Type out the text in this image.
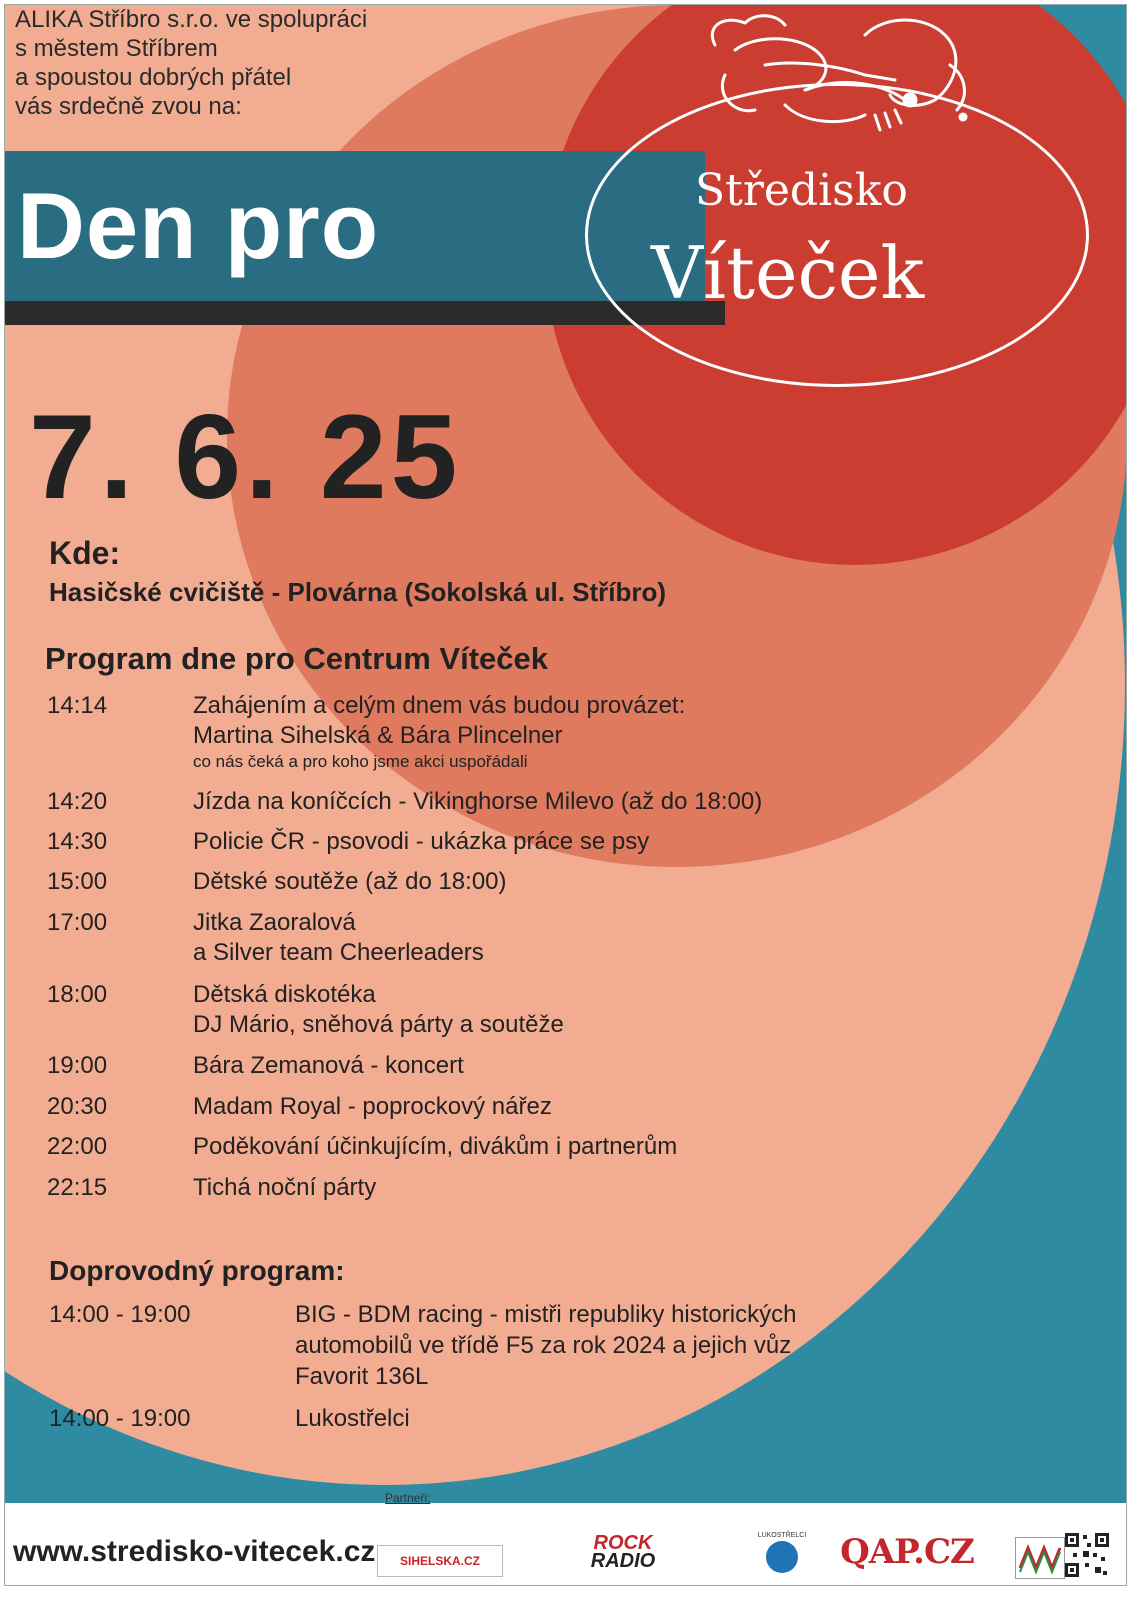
ALIKA Stříbro s.r.o. ve spolupráci
s městem Stříbrem
a spoustou dobrých přátel
vás srdečně zvou na:
Den pro	Středisko
Víteček
7. 6. 25
Kde:
Hasičské cvičiště - Plovárna (Sokolská ul. Stříbro)
Program dne pro Centrum Víteček
14:14	Zahájením a celým dnem vás budou provázet:
Martina Sihelská & Bára Plincelner
co nás čeká a pro koho jsme akci uspořádali
14:20	Jízda na koníčcích - Vikinghorse Milevo (až do 18:00)
14:30	Policie ČR - psovodi - ukázka práce se psy
15:00	Dětské soutěže (až do 18:00)
17:00	Jitka Zaoralová
a Silver team Cheerleaders
18:00	Dětská diskotéka
DJ Mário, sněhová párty a soutěže
19:00	Bára Zemanová - koncert
20:30	Madam Royal - poprockový nářez
22:00	Poděkování účinkujícím, divákům i partnerům
22:15	Tichá noční párty
Doprovodný program:
14:00 - 19:00	BIG - BDM racing - mistři republiky historických
automobilů ve třídě F5 za rok 2024 a jejich vůz
Favorit 136L
14:00 - 19:00	Lukostřelci
Partneři:
www.stredisko-vitecek.cz	SIHELSKA.CZ
ROCK
RADIO
LUKOSTŘELCI QAP.CZ
